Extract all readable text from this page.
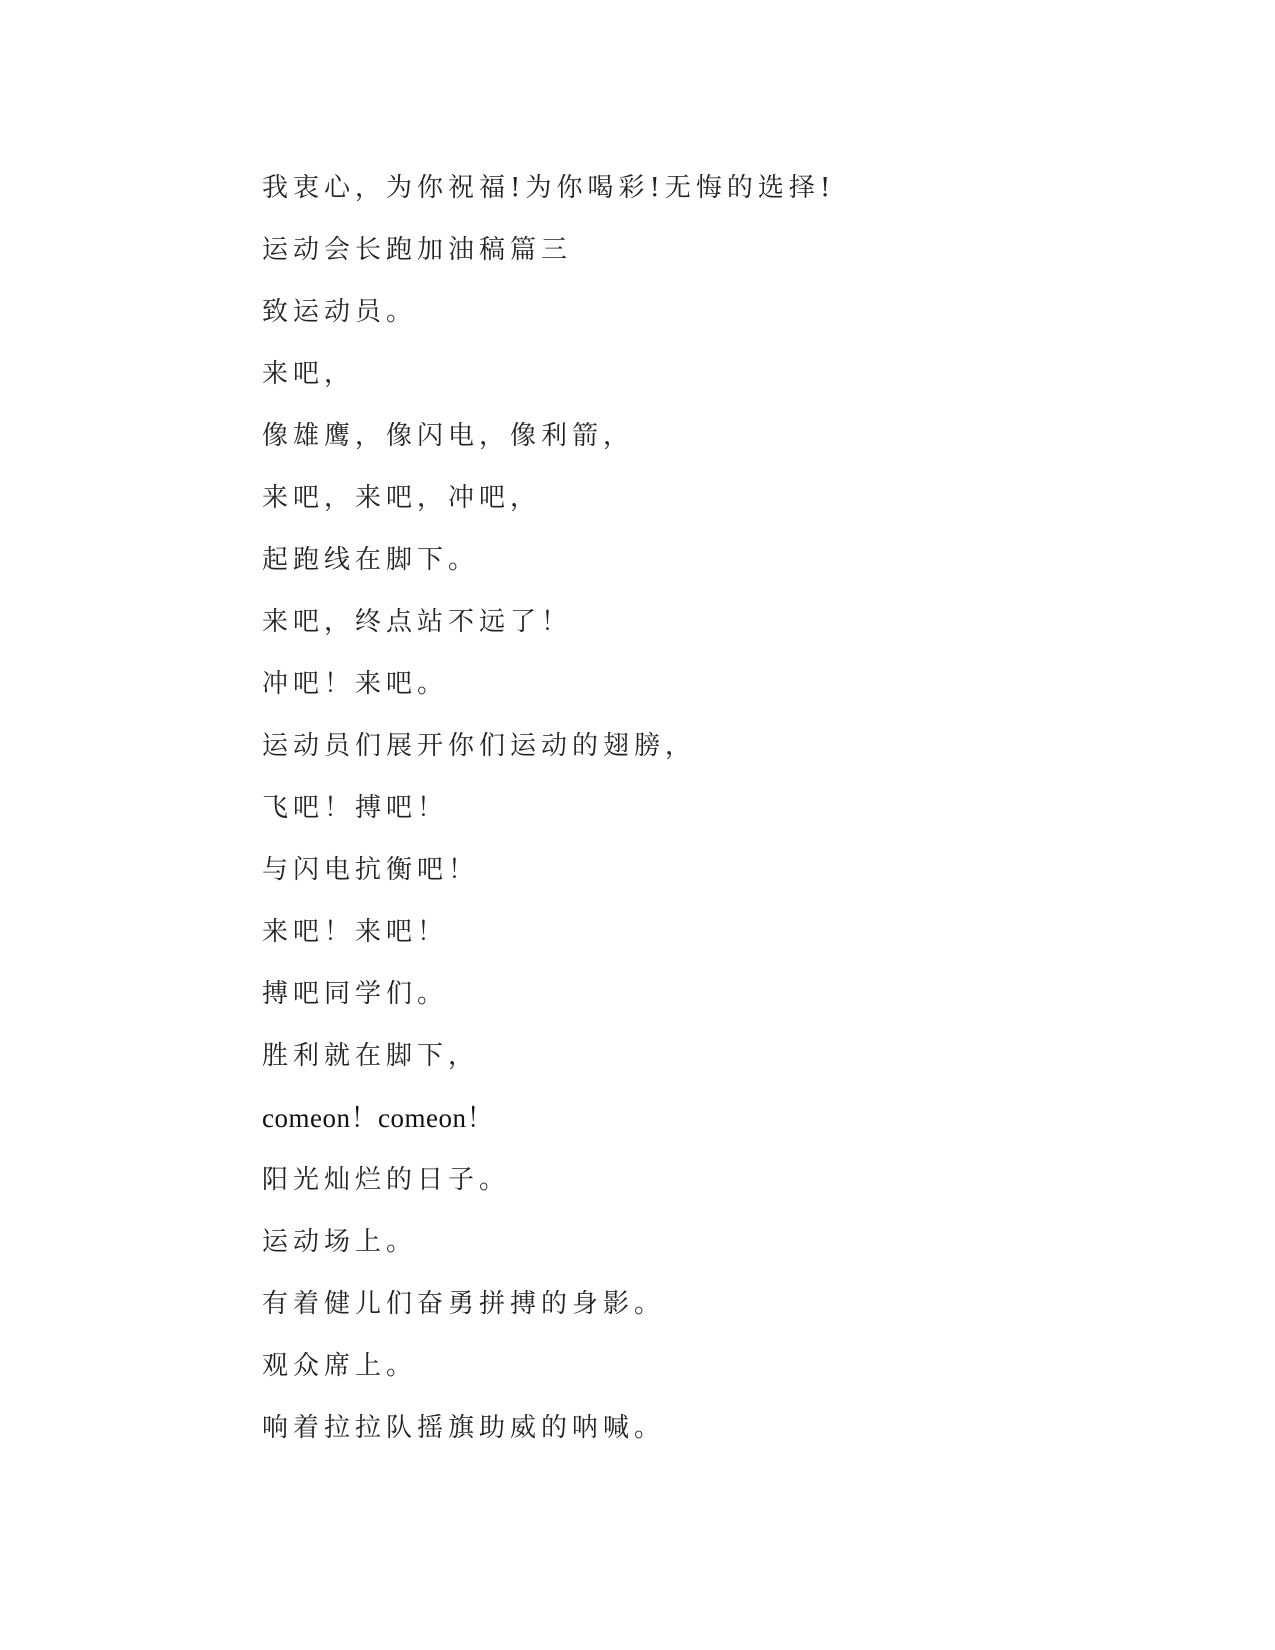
我衷心，为你祝福!为你喝彩!无悔的选择!
运动会长跑加油稿篇三
致运动员。
来吧，
像雄鹰，像闪电，像利箭，
来吧，来吧，冲吧，
起跑线在脚下。
来吧，终点站不远了！
冲吧！来吧。
运动员们展开你们运动的翅膀，
飞吧！搏吧！
与闪电抗衡吧！
来吧！来吧！
搏吧同学们。
胜利就在脚下，
comeon！comeon！
阳光灿烂的日子。
运动场上。
有着健儿们奋勇拼搏的身影。
观众席上。
响着拉拉队摇旗助威的呐喊。
